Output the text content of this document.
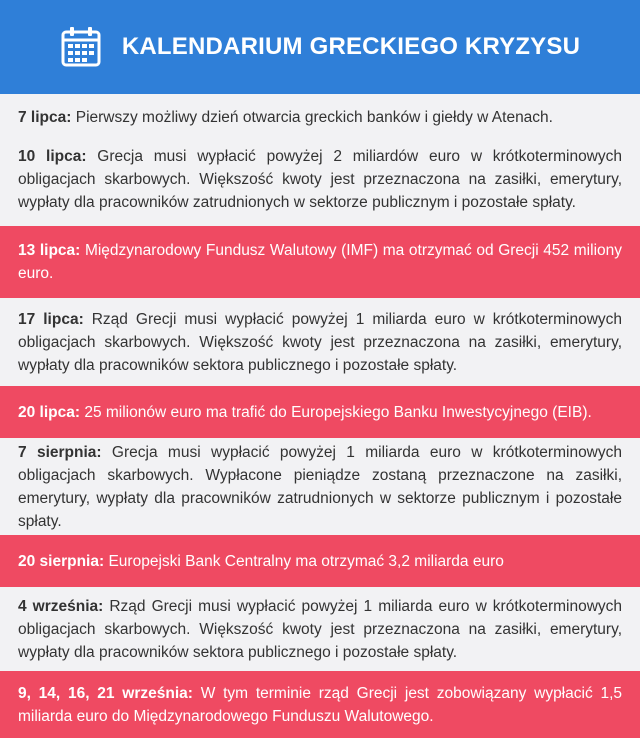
KALENDARIUM GRECKIEGO KRYZYSU

7 lipca: Pierwszy możliwy dzień otwarcia greckich banków i giełdy w Atenach.

10 lipca: Grecja musi wypłacić powyżej 2 miliardów euro w krótkoterminowych obligacjach skarbowych. Większość kwoty jest przeznaczona na zasiłki, emerytury, wypłaty dla pracowników zatrudnionych w sektorze publicznym i pozostałe spłaty.

13 lipca: Międzynarodowy Fundusz Walutowy (IMF) ma otrzymać od Grecji 452 miliony euro.

17 lipca: Rząd Grecji musi wypłacić powyżej 1 miliarda euro w krótkoterminowych obligacjach skarbowych. Większość kwoty jest przeznaczona na zasiłki, emerytury, wypłaty dla pracowników sektora publicznego i pozostałe spłaty.

20 lipca: 25 milionów euro ma trafić do Europejskiego Banku Inwestycyjnego (EIB).

7 sierpnia: Grecja musi wypłacić powyżej 1 miliarda euro w krótkoterminowych obligacjach skarbowych. Wypłacone pieniądze zostaną przeznaczone na zasiłki, emerytury, wypłaty dla pracowników zatrudnionych w sektorze publicznym i pozostałe spłaty.

20 sierpnia: Europejski Bank Centralny ma otrzymać 3,2 miliarda euro

4 września: Rząd Grecji musi wypłacić powyżej 1 miliarda euro w krótkoterminowych obligacjach skarbowych. Większość kwoty jest przeznaczona na zasiłki, emerytury, wypłaty dla pracowników sektora publicznego i pozostałe spłaty.

9, 14, 16, 21 września: W tym terminie rząd Grecji jest zobowiązany wypłacić 1,5 miliarda euro do Międzynarodowego Funduszu Walutowego.
